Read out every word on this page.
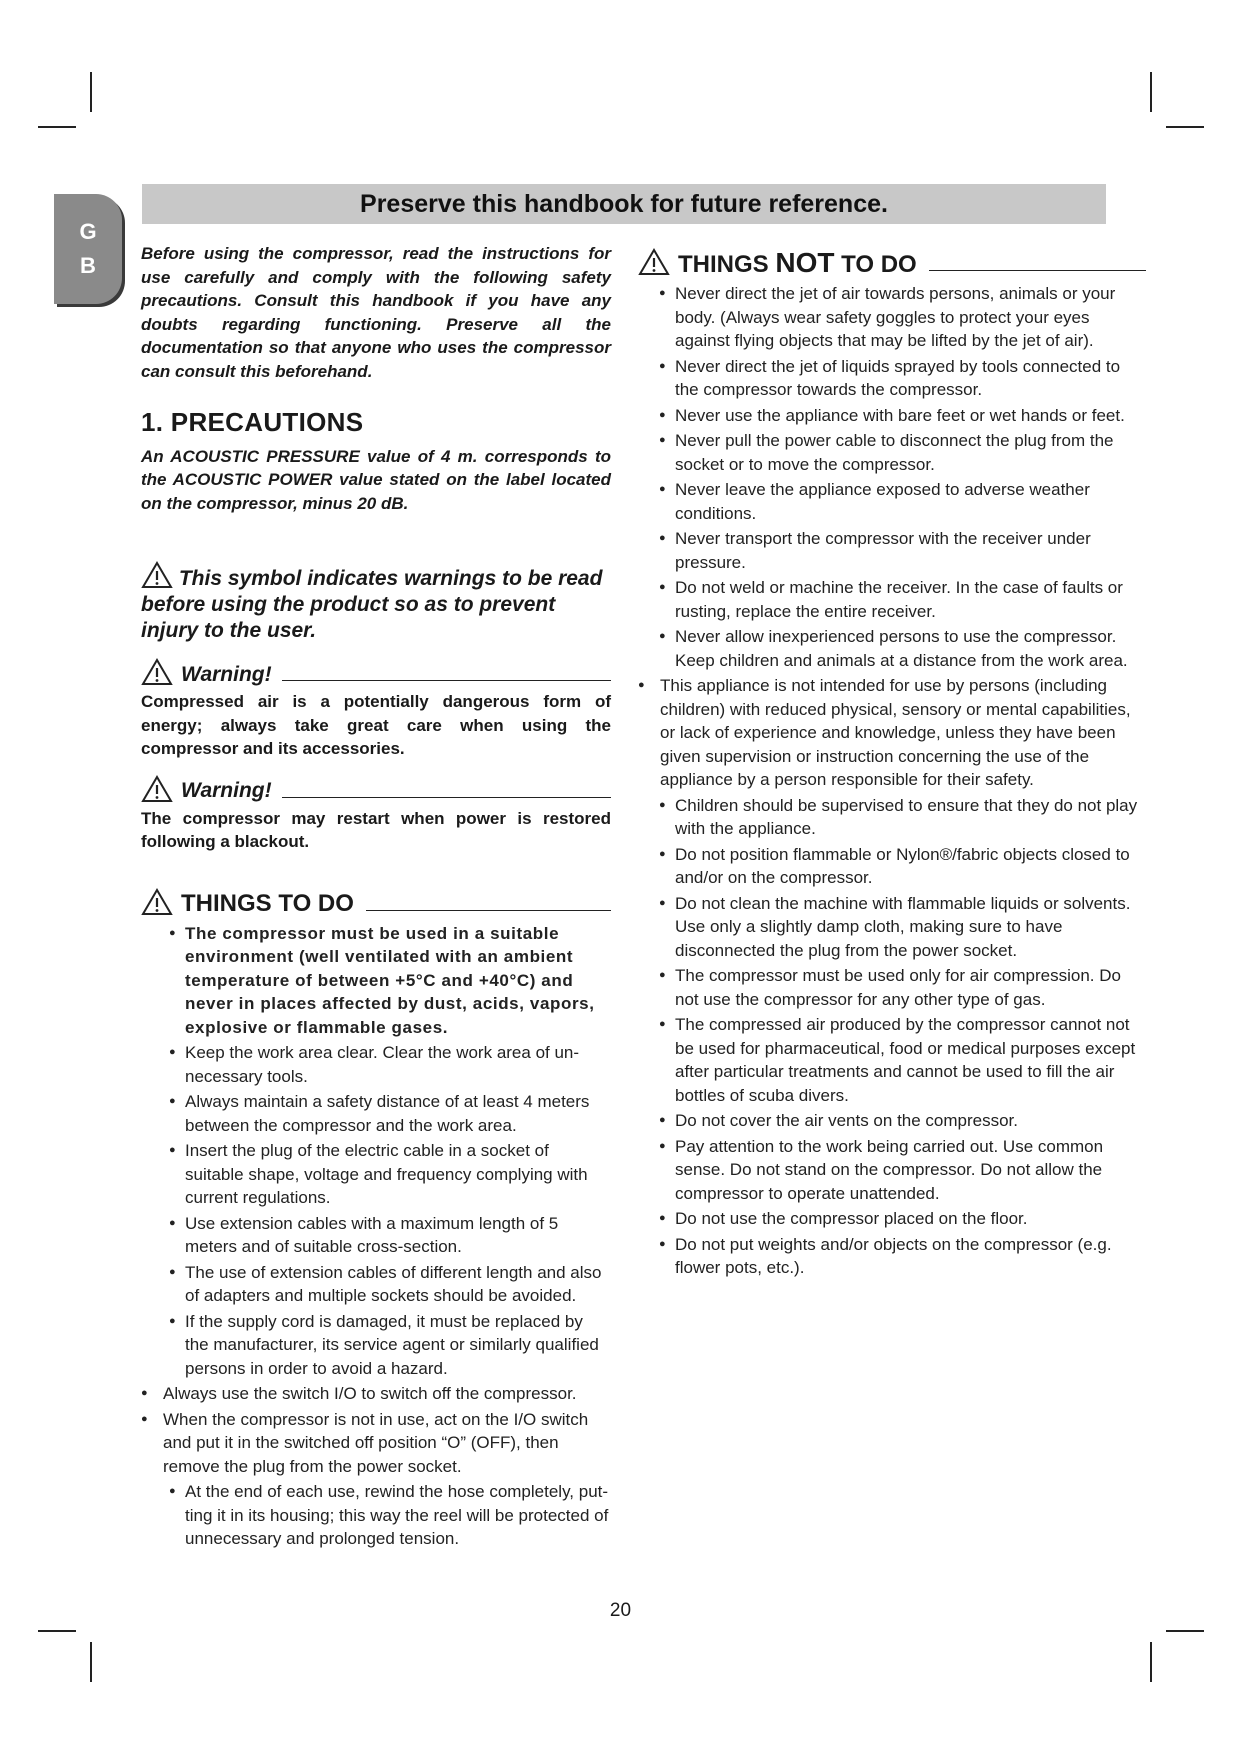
G
B
Preserve this handbook for future reference.

Before using the compressor, read the instructions for use carefully and comply with the following safety precautions. Consult this handbook if you have any doubts regarding functioning. Preserve all the documentation so that anyone who uses the compressor can consult this beforehand.

1. PRECAUTIONS

An ACOUSTIC PRESSURE value of 4 m. corresponds to the ACOUSTIC POWER value stated on the label located on the compressor, minus 20 dB.

This symbol indicates warnings to be read before using the product so as to prevent injury to the user.

Warning!

Compressed air is a potentially dangerous form of energy; always take great care when using the compressor and its accessories.

Warning!

The compressor may restart when power is restored following a blackout.

THINGS TO DO
● The compressor must be used in a suitable environment (well ventilated with an ambient temperature of between +5°C and +40°C) and never in places affected by dust, acids, vapors, explosive or flammable gases.
● Keep the work area clear. Clear the work area of un-necessary tools.
● Always maintain a safety distance of at least 4 meters between the compressor and the work area.
● Insert the plug of the electric cable in a socket of suitable shape, voltage and frequency complying with current regulations.
● Use extension cables with a maximum length of 5 meters and of suitable cross-section.
● The use of extension cables of different length and also of adapters and multiple sockets should be avoided.
● If the supply cord is damaged, it must be replaced by the manufacturer, its service agent or similarly qualified persons in order to avoid a hazard.
● Always use the switch I/O to switch off the compressor.
● When the compressor is not in use, act on the I/O switch and put it in the switched off position “O” (OFF), then remove the plug from the power socket.
● At the end of each use, rewind the hose completely, put-ting it in its housing; this way the reel will be protected of unnecessary and prolonged tension.
THINGS NOT TO DO
● Never direct the jet of air towards persons, animals or your body. (Always wear safety goggles to protect your eyes against flying objects that may be lifted by the jet of air).
● Never direct the jet of liquids sprayed by tools connected to the compressor towards the compressor.
● Never use the appliance with bare feet or wet hands or feet.
● Never pull the power cable to disconnect the plug from the socket or to move the compressor.
● Never leave the appliance exposed to adverse weather conditions.
● Never transport the compressor with the receiver under pressure.
● Do not weld or machine the receiver. In the case of faults or rusting, replace the entire receiver.
● Never allow inexperienced persons to use the compressor. Keep children and animals at a distance from the work area.
● This appliance is not intended for use by persons (including children) with reduced physical, sensory or mental capabilities, or lack of experience and knowledge, unless they have been given supervision or instruction concerning the use of the appliance by a person responsible for their safety.
● Children should be supervised to ensure that they do not play with the appliance.
● Do not position flammable or Nylon®/fabric objects closed to and/or on the compressor.
● Do not clean the machine with flammable liquids or solvents. Use only a slightly damp cloth, making sure to have disconnected the plug from the power socket.
● The compressor must be used only for air compression. Do not use the compressor for any other type of gas.
● The compressed air produced by the compressor cannot not be used for pharmaceutical, food or medical purposes except after particular treatments and cannot be used to fill the air bottles of scuba divers.
● Do not cover the air vents on the compressor.
● Pay attention to the work being carried out. Use common sense. Do not stand on the compressor. Do not allow the compressor to operate unattended.
● Do not use the compressor placed on the floor.
● Do not put weights and/or objects on the compressor (e.g. flower pots, etc.).
20
